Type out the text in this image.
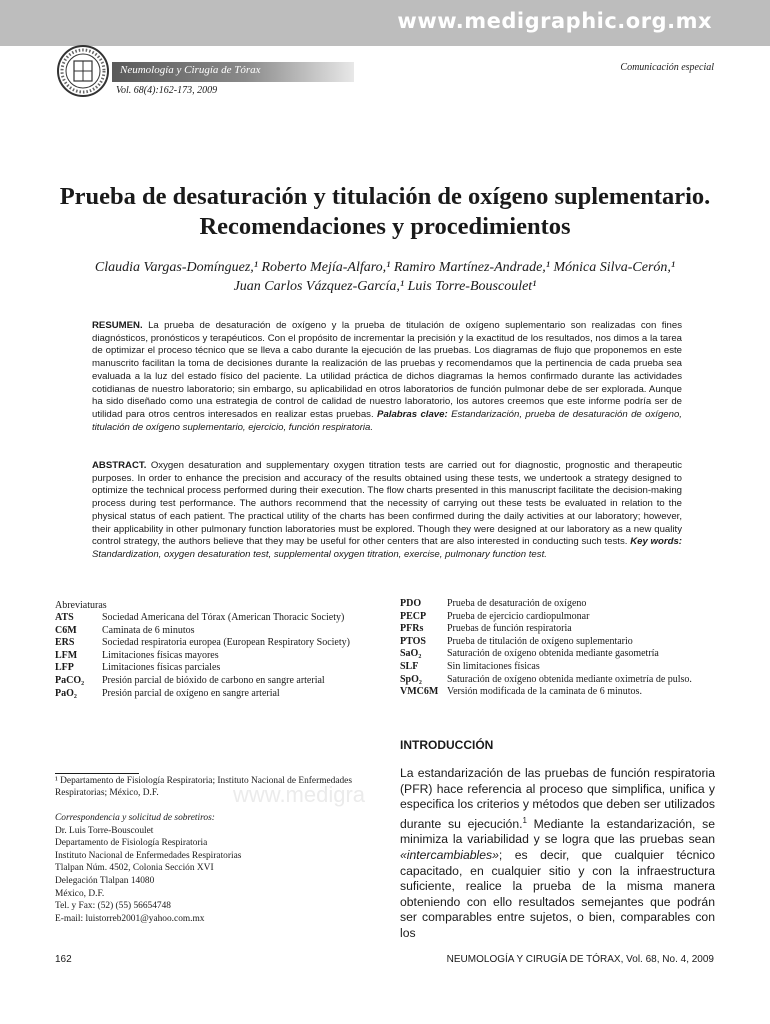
www.medigraphic.org.mx
Neumología y Cirugía de Tórax
Vol. 68(4):162-173, 2009
Comunicación especial
Prueba de desaturación y titulación de oxígeno suplementario.
Recomendaciones y procedimientos
Claudia Vargas-Domínguez,¹ Roberto Mejía-Alfaro,¹ Ramiro Martínez-Andrade,¹ Mónica Silva-Cerón,¹
Juan Carlos Vázquez-García,¹ Luis Torre-Bouscoulet¹
RESUMEN. La prueba de desaturación de oxígeno y la prueba de titulación de oxígeno suplementario son realizadas con fines diagnósticos, pronósticos y terapéuticos. Con el propósito de incrementar la precisión y la exactitud de los resultados, nos dimos a la tarea de optimizar el proceso técnico que se lleva a cabo durante la ejecución de las pruebas. Los diagramas de flujo que proponemos en este manuscrito facilitan la toma de decisiones durante la realización de las pruebas y recomendamos que la pertinencia de cada prueba sea evaluada a la luz del estado físico del paciente. La utilidad práctica de dichos diagramas la hemos confirmado durante las actividades cotidianas de nuestro laboratorio; sin embargo, su aplicabilidad en otros laboratorios de función pulmonar debe de ser explorada. Aunque ha sido diseñado como una estrategia de control de calidad de nuestro laboratorio, los autores creemos que este informe podría ser de utilidad para otros centros interesados en realizar estas pruebas. Palabras clave: Estandarización, prueba de desaturación de oxígeno, titulación de oxígeno suplementario, ejercicio, función respiratoria.
ABSTRACT. Oxygen desaturation and supplementary oxygen titration tests are carried out for diagnostic, prognostic and therapeutic purposes. In order to enhance the precision and accuracy of the results obtained using these tests, we undertook a strategy designed to optimize the technical process performed during their execution. The flow charts presented in this manuscript facilitate the decision-making process during test performance. The authors recommend that the necessity of carrying out these tests be evaluated in relation to the physical status of each patient. The practical utility of the charts has been confirmed during the daily activities at our laboratory; however, their applicability in other pulmonary function laboratories must be explored. Though they were designed at our laboratory as a new quality control strategy, the authors believe that they may be useful for other centers that are also interested in conducting such tests. Key words: Standardization, oxygen desaturation test, supplemental oxygen titration, exercise, pulmonary function test.
Abreviaturas
ATS	Sociedad Americana del Tórax (American Thoracic Society)
C6M	Caminata de 6 minutos
ERS	Sociedad respiratoria europea (European Respiratory Society)
LFM Limitaciones físicas mayores
LFP	Limitaciones físicas parciales
PaCO₂ Presión parcial de bióxido de carbono en sangre arterial
PaO₂	Presión parcial de oxígeno en sangre arterial
PDO	Prueba de desaturación de oxígeno
PECP Prueba de ejercicio cardiopulmonar
PFRs Pruebas de función respiratoria
PTOS Prueba de titulación de oxígeno suplementario
SaO₂	Saturación de oxígeno obtenida mediante gasometría
SLF	Sin limitaciones físicas
SpO₂	Saturación de oxígeno obtenida mediante oximetría de pulso.
VMC6M Versión modificada de la caminata de 6 minutos.
¹ Departamento de Fisiología Respiratoria; Instituto Nacional de Enfermedades Respiratorias; México, D.F.
Correspondencia y solicitud de sobretiros:
Dr. Luis Torre-Bouscoulet
Departamento de Fisiología Respiratoria
Instituto Nacional de Enfermedades Respiratorias
Tlalpan Núm. 4502, Colonia Sección XVI
Delegación Tlalpan 14080
México, D.F.
Tel. y Fax: (52) (55) 56654748
E-mail: luistorreb2001@yahoo.com.mx
www.medigra
INTRODUCCIÓN
La estandarización de las pruebas de función respiratoria (PFR) hace referencia al proceso que simplifica, unifica y especifica los criterios y métodos que deben ser utilizados durante su ejecución.$^1$ Mediante la estandarización, se minimiza la variabilidad y se logra que las pruebas sean «intercambiables»; es decir, que cualquier técnico capacitado, en cualquier sitio y con la infraestructura suficiente, realice la prueba de la misma manera obteniendo con ello resultados semejantes que podrán ser comparables entre sujetos, o bien, comparables con los
162	NEUMOLOGÍA Y CIRUGÍA DE TÓRAX, Vol. 68, No. 4, 2009
